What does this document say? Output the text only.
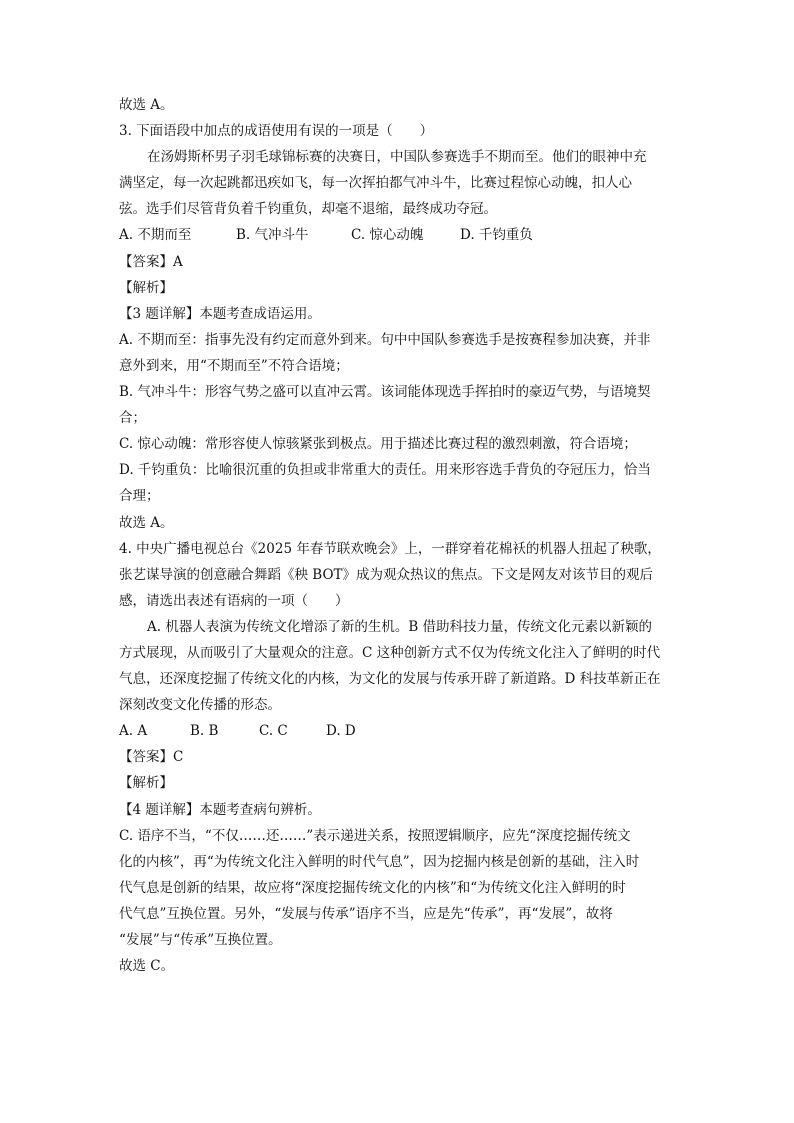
故选 A。
3. 下面语段中加点的成语使用有误的一项是（　　）
在汤姆斯杯男子羽毛球锦标赛的决赛日，中国队参赛选手不期而至。他们的眼神中充
满坚定，每一次起跳都迅疾如飞，每一次挥拍都气冲斗牛，比赛过程惊心动魄，扣人心
弦。选手们尽管背负着千钧重负，却毫不退缩，最终成功夺冠。
A. 不期而至	B. 气冲斗牛	C. 惊心动魄	D. 千钧重负
【答案】A
【解析】
【3 题详解】本题考查成语运用。
A. 不期而至：指事先没有约定而意外到来。句中中国队参赛选手是按赛程参加决赛，并非
意外到来，用“不期而至”不符合语境；
B. 气冲斗牛：形容气势之盛可以直冲云霄。该词能体现选手挥拍时的豪迈气势，与语境契
合；
C. 惊心动魄：常形容使人惊骇紧张到极点。用于描述比赛过程的激烈刺激，符合语境；
D. 千钧重负：比喻很沉重的负担或非常重大的责任。用来形容选手背负的夺冠压力，恰当
合理；
故选 A。
4. 中央广播电视总台《2025 年春节联欢晚会》上，一群穿着花棉袄的机器人扭起了秧歌，
张艺谋导演的创意融合舞蹈《秧 BOT》成为观众热议的焦点。下文是网友对该节目的观后
感，请选出表述有语病的一项（　　）
A. 机器人表演为传统文化增添了新的生机。B 借助科技力量，传统文化元素以新颖的
方式展现，从而吸引了大量观众的注意。C 这种创新方式不仅为传统文化注入了鲜明的时代
气息，还深度挖掘了传统文化的内核，为文化的发展与传承开辟了新道路。D 科技革新正在
深刻改变文化传播的形态。
A. A	B. B	C. C	D. D
【答案】C
【解析】
【4 题详解】本题考查病句辨析。
C. 语序不当，“不仅……还……”表示递进关系，按照逻辑顺序，应先“深度挖掘传统文
化的内核”，再“为传统文化注入鲜明的时代气息”，因为挖掘内核是创新的基础，注入时
代气息是创新的结果，故应将“深度挖掘传统文化的内核”和“为传统文化注入鲜明的时
代气息”互换位置。另外，“发展与传承”语序不当，应是先“传承”，再“发展”，故将
“发展”与“传承”互换位置。
故选 C。
